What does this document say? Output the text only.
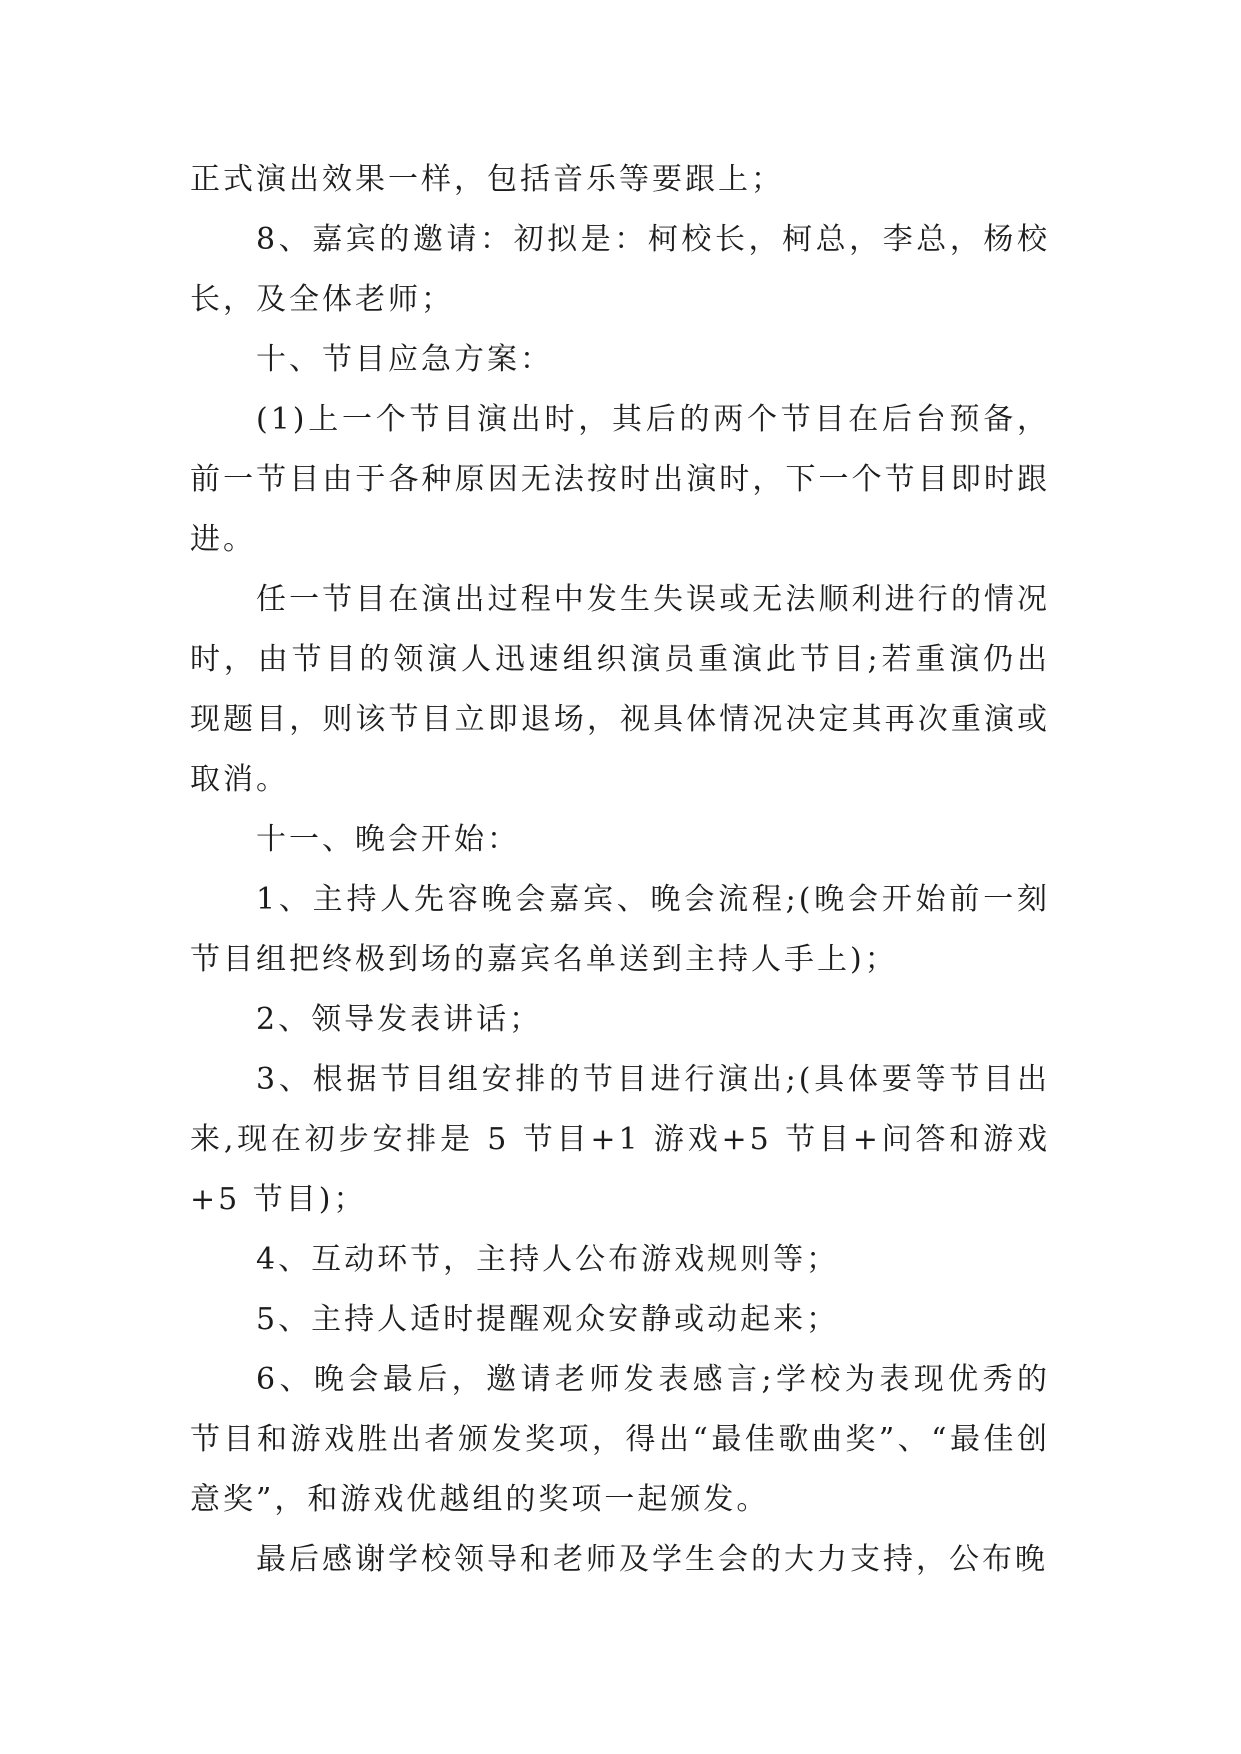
正式演出效果一样，包括音乐等要跟上；

8、嘉宾的邀请：初拟是：柯校长，柯总，李总，杨校长，及全体老师；

十、节目应急方案：

(1)上一个节目演出时，其后的两个节目在后台预备，前一节目由于各种原因无法按时出演时，下一个节目即时跟进。

任一节目在演出过程中发生失误或无法顺利进行的情况时，由节目的领演人迅速组织演员重演此节目;若重演仍出现题目，则该节目立即退场，视具体情况决定其再次重演或取消。

十一、晚会开始：

1、主持人先容晚会嘉宾、晚会流程;(晚会开始前一刻节目组把终极到场的嘉宾名单送到主持人手上)；

2、领导发表讲话；

3、根据节目组安排的节目进行演出;(具体要等节目出来,现在初步安排是 5 节目+1 游戏+5 节目+问答和游戏+5 节目)；

4、互动环节，主持人公布游戏规则等；

5、主持人适时提醒观众安静或动起来；

6、晚会最后，邀请老师发表感言;学校为表现优秀的节目和游戏胜出者颁发奖项，得出“最佳歌曲奖”、“最佳创意奖”，和游戏优越组的奖项一起颁发。

最后感谢学校领导和老师及学生会的大力支持，公布晚
